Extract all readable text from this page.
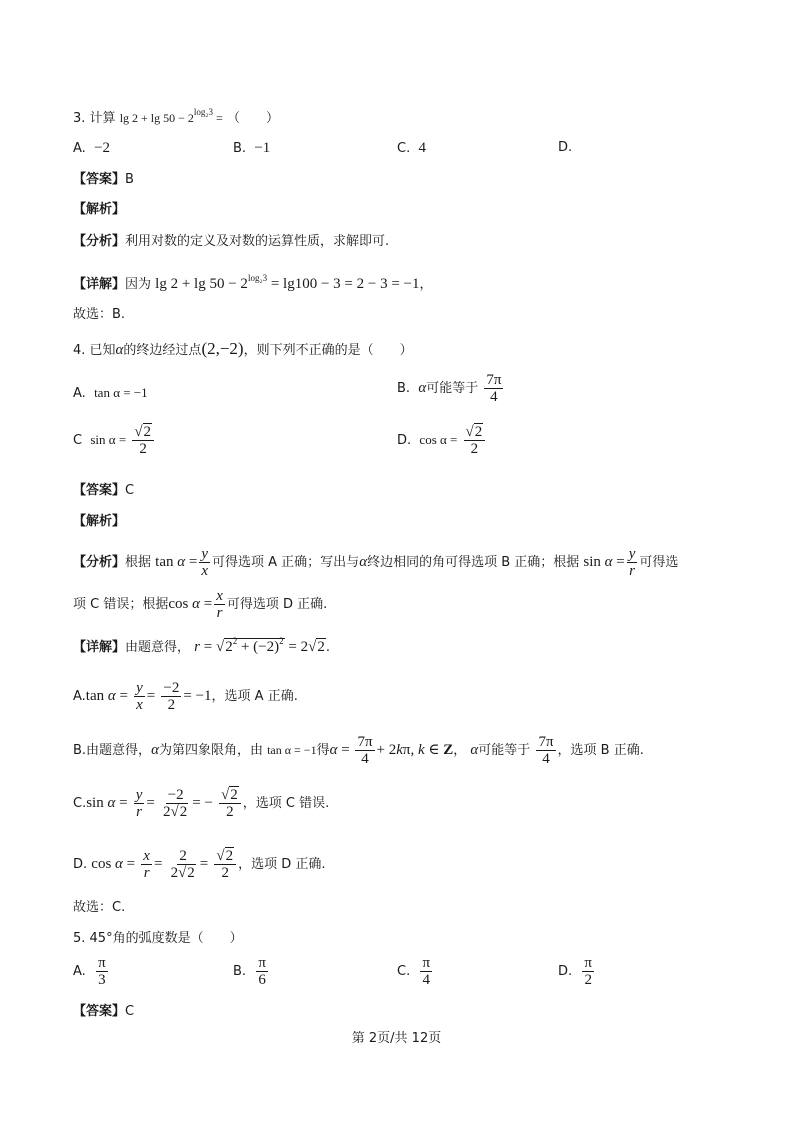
3. 计算 $\lg 2 + \lg 50 - 2^{log_23}$ = （　　）
A. −2	B. −1	C. 4	D.
【答案】B
【解析】
【分析】利用对数的定义及对数的运算性质，求解即可.
【详解】因为 $\lg 2 + \lg 50 - 2^{log_23} = \lg 100 - 3 = 2 - 3 = -1$，
故选：B.
4. 已知α的终边经过点(2,−2)，则下列不正确的是（　　）
A. tan α = −1	B. α可能等于 $\frac{7\pi}{4}$
C $\sin \alpha = \frac{√2}{2}$	D. $\cos \alpha = \frac{√2}{2}$
【答案】C
【解析】
【分析】根据 $\tan \alpha = \frac{y}{x}$ 可得选项 A 正确；写出与α终边相同的角可得选项 B 正确；根据 $\sin \alpha = \frac{y}{r}$ 可得选
项 C 错误；根据$\cos \alpha = \frac{x}{r}$ 可得选项 D 正确.
【详解】由题意得， $r = √2^2 + (-2)^2 = 2√2$.
A.tan $\alpha = \frac{y}{x} = \frac{-2}{2} = -1$，选项 A 正确.
B.由题意得，α为第四象限角，由 tan α = −1得$\alpha = \frac{7\pi}{4} + 2k\pi$, k ∈ Z， α可能等于 $\frac{7\pi}{4}$ ，选项 B 正确.
C.sin $\alpha = \frac{y}{r} = \frac{-2}{2√2}$ = − $\frac{√2}{2}$ ，选项 C 错误.
D. $\cos \alpha = \frac{x}{r} = \frac{2}{2√2} = \frac{√2}{2}$ ，选项 D 正确.
故选：C.
5. 45°角的弧度数是（　　）
A. $\frac{\pi}{3}$	B. $\frac{\pi}{6}$	C. $\frac{\pi}{4}$	D. $\frac{\pi}{2}$
【答案】C
第 2页/共 12页
